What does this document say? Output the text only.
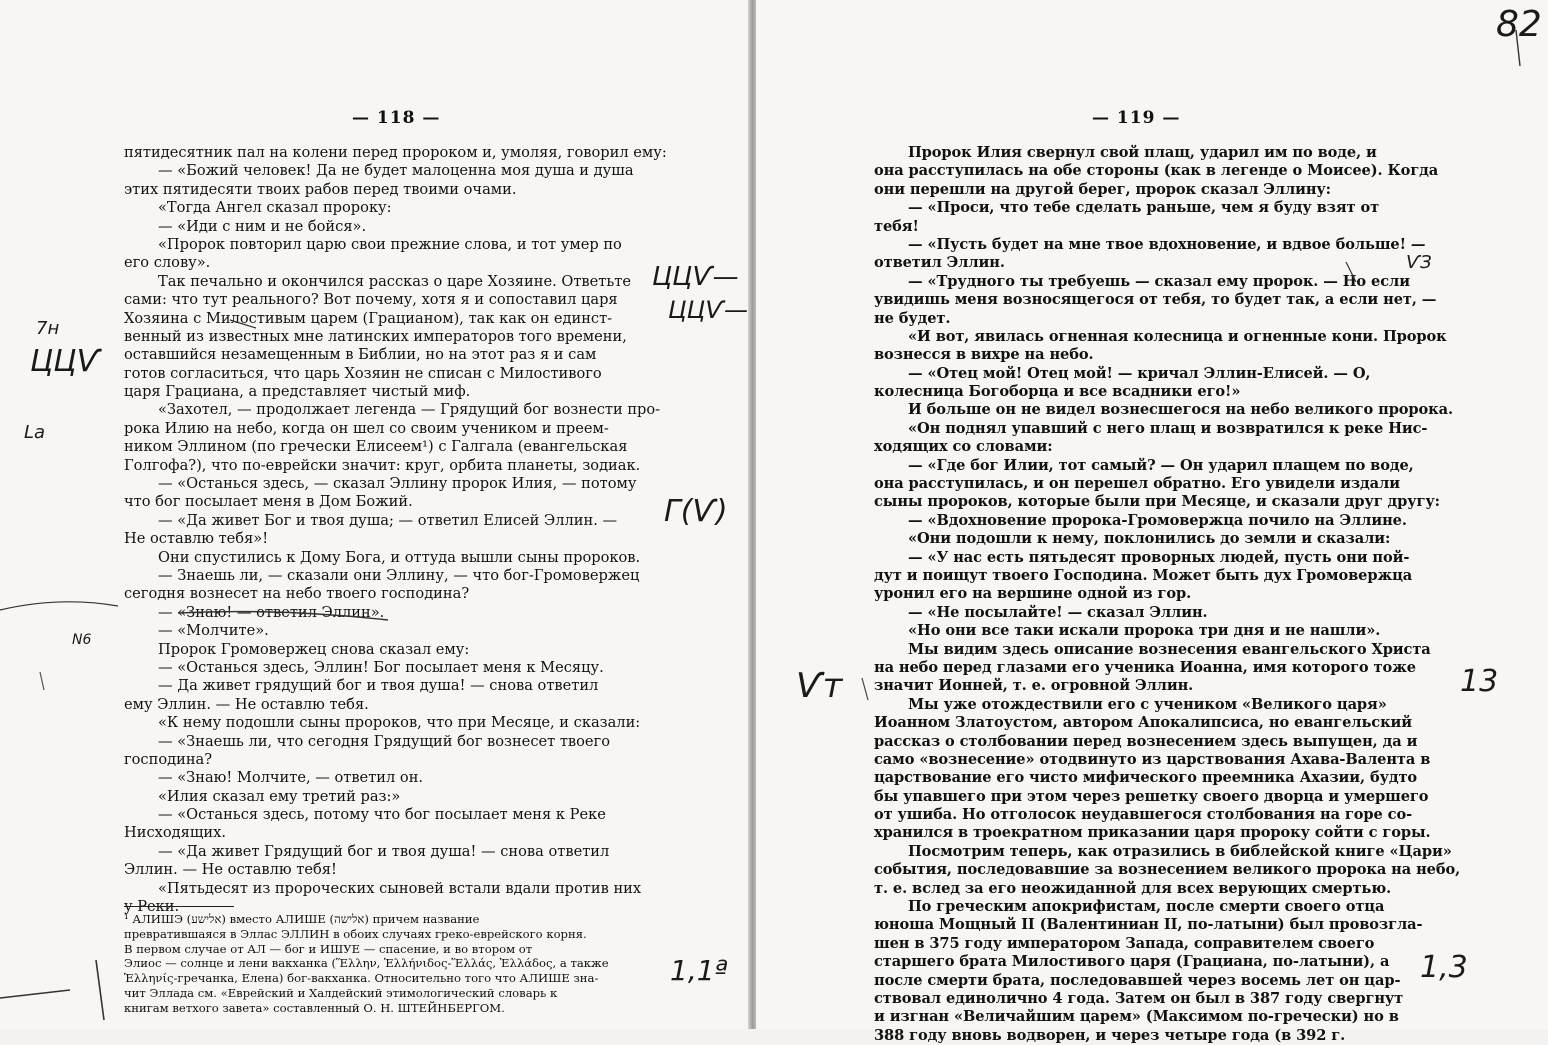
— 118 —
пятидесятник пал на колени перед пророком и, умоляя, говорил ему:
— «Божий человек! Да не будет малоценна моя душа и душа
этих пятидесяти твоих рабов перед твоими очами.
«Тогда Ангел сказал пророку:
— «Иди с ним и не бойся».
«Пророк повторил царю свои прежние слова, и тот умер по
его слову».
Так печально и окончился рассказ о царе Хозяине. Ответьте
сами: что тут реального? Вот почему, хотя я и сопоставил царя
Хозяина с Милостивым царем (Грацианом), так как он единст-
венный из известных мне латинских императоров того времени,
оставшийся незамещенным в Библии, но на этот раз я и сам
готов согласиться, что царь Хозяин не списан с Милостивого
царя Грациана, а представляет чистый миф.
«Захотел, — продолжает легенда — Грядущий бог вознести про-
рока Илию на небо, когда он шел со своим учеником и преем-
ником Эллином (по гречески Елисеем¹) с Галгала (евангельская
Голгофа?), что по-еврейски значит: круг, орбита планеты, зодиак.
— «Останься здесь, — сказал Эллину пророк Илия, — потому
что бог посылает меня в Дом Божий.
— «Да живет Бог и твоя душа; — ответил Елисей Эллин. —
Не оставлю тебя»!
Они спустились к Дому Бога, и оттуда вышли сыны пророков.
— Знаешь ли, — сказали они Эллину, — что бог-Громовержец
сегодня вознесет на небо твоего господина?
— «Знаю! — ответил Эллин».
— «Молчите».
Пророк Громовержец снова сказал ему:
— «Останься здесь, Эллин! Бог посылает меня к Месяцу.
— Да живет грядущий бог и твоя душа! — снова ответил
ему Эллин. — Не оставлю тебя.
«К нему подошли сыны пророков, что при Месяце, и сказали:
— «Знаешь ли, что сегодня Грядущий бог вознесет твоего
господина?
— «Знаю! Молчите, — ответил он.
«Илия сказал ему третий раз:»
— «Останься здесь, потому что бог посылает меня к Реке
Нисходящих.
— «Да живет Грядущий бог и твоя душа! — снова ответил
Эллин. — Не оставлю тебя!
«Пятьдесят из пророческих сыновей встали вдали против них
у Реки.
¹ АЛИШЭ (אלישע) вместо АЛИШЕ (אלישה) причем название
превратившаяся в Эллас ЭЛЛИН в обоих случаях греко-еврейского корня.
В первом случае от АЛ — бог и ИШУЕ — спасение, и во втором от
Элиос — солнце и лени вакханка (Ἕλλην, Ἑλλήνιδος-Ἕλλάς, Ἑλλάδος, а также
Ἑλληνίς-гречанка, Елена) бог-вакханка. Относительно того что АЛИШЕ зна-
чит Эллада см. «Еврейский и Халдейский этимологический словарь к
книгам ветхого завета» составленный О. Н. ШТЕЙНБЕРГОМ.
7н
ЦЦѴ
La
N6
ЦЦѴ—
ЦЦѴ—
Г(Ѵ)
1,1ª
— 119 —
Пророк Илия свернул свой плащ, ударил им по воде, и
она расступилась на обе стороны (как в легенде о Моисее). Когда
они перешли на другой берег, пророк сказал Эллину:
— «Проси, что тебе сделать раньше, чем я буду взят от
тебя!
— «Пусть будет на мне твое вдохновение, и вдвое больше! —
ответил Эллин.
— «Трудного ты требуешь — сказал ему пророк. — Но если
увидишь меня возносящегося от тебя, то будет так, а если нет, —
не будет.
«И вот, явилась огненная колесница и огненные кони. Пророк
вознесся в вихре на небо.
— «Отец мой! Отец мой! — кричал Эллин-Елисей. — О,
колесница Богоборца и все всадники его!»
И больше он не видел вознесшегося на небо великого пророка.
«Он поднял упавший с него плащ и возвратился к реке Нис-
ходящих со словами:
— «Где бог Илии, тот самый? — Он ударил плащем по воде,
она расступилась, и он перешел обратно. Его увидели издали
сыны пророков, которые были при Месяце, и сказали друг другу:
— «Вдохновение пророка-Громовержца почило на Эллине.
«Они подошли к нему, поклонились до земли и сказали:
— «У нас есть пятьдесят проворных людей, пусть они пой-
дут и поищут твоего Господина. Может быть дух Громовержца
уронил его на вершине одной из гор.
— «Не посылайте! — сказал Эллин.
«Но они все таки искали пророка три дня и не нашли».
Мы видим здесь описание вознесения евангельского Христа
на небо перед глазами его ученика Иоанна, имя которого тоже
значит Ионней, т. е. огровной Эллин.
Мы уже отождествили его с учеником «Великого царя»
Иоанном Златоустом, автором Апокалипсиса, но евангельский
рассказ о столбовании перед вознесением здесь выпущен, да и
само «вознесение» отодвинуто из царствования Ахава-Валента в
царствование его чисто мифического преемника Ахазии, будто
бы упавшего при этом через решетку своего дворца и умершего
от ушиба. Но отголосок неудавшегося столбования на горе со-
хранился в троекратном приказании царя пророку сойти с горы.
Посмотрим теперь, как отразились в библейской книге «Цари»
события, последовавшие за вознесением великого пророка на небо,
т. е. вслед за его неожиданной для всех верующих смертью.
По греческим апокрифистам, после смерти своего отца
юноша Мощный II (Валентиниан II, по-латыни) был провозгла-
шен в 375 году императором Запада, соправителем своего
старшего брата Милостивого царя (Грациана, по-латыни), а
после смерти брата, последовавшей через восемь лет он цар-
ствовал единолично 4 года. Затем он был в 387 году свергнут
и изгнан «Величайшим царем» (Максимом по-гречески) но в
388 году вновь водворен, и через четыре года (в 392 г.
82
Ѵт
ѴЗ
13
1,3
